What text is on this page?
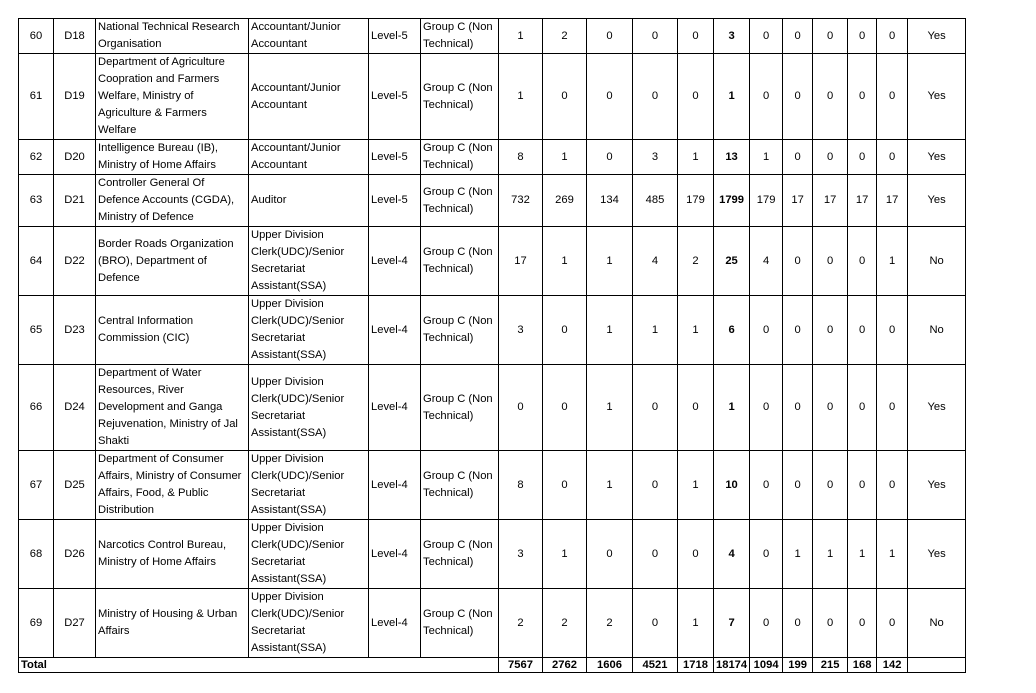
60	D18	National Technical Research Organisation	Accountant/Junior Accountant	Level-5	Group C (Non Technical)	1	2	0	0	0	3	0	0	0	0	0	Yes
61	D19	Department of Agriculture Coopration and Farmers Welfare, Ministry of Agriculture & Farmers Welfare	Accountant/Junior Accountant	Level-5	Group C (Non Technical)	1	0	0	0	0	1	0	0	0	0	0	Yes
62	D20	Intelligence Bureau (IB), Ministry of Home Affairs	Accountant/Junior Accountant	Level-5	Group C (Non Technical)	8	1	0	3	1	13	1	0	0	0	0	Yes
63	D21	Controller General Of Defence Accounts (CGDA), Ministry of Defence	Auditor	Level-5	Group C (Non Technical)	732	269	134	485	179	1799	179	17	17	17	17	Yes
64	D22	Border Roads Organization (BRO), Department of Defence	Upper Division Clerk(UDC)/Senior Secretariat Assistant(SSA)	Level-4	Group C (Non Technical)	17	1	1	4	2	25	4	0	0	0	1	No
65	D23	Central Information Commission (CIC)	Upper Division Clerk(UDC)/Senior Secretariat Assistant(SSA)	Level-4	Group C (Non Technical)	3	0	1	1	1	6	0	0	0	0	0	No
66	D24	Department of Water Resources, River Development and Ganga Rejuvenation, Ministry of Jal Shakti	Upper Division Clerk(UDC)/Senior Secretariat Assistant(SSA)	Level-4	Group C (Non Technical)	0	0	1	0	0	1	0	0	0	0	0	Yes
67	D25	Department of Consumer Affairs, Ministry of Consumer Affairs, Food, & Public Distribution	Upper Division Clerk(UDC)/Senior Secretariat Assistant(SSA)	Level-4	Group C (Non Technical)	8	0	1	0	1	10	0	0	0	0	0	Yes
68	D26	Narcotics Control Bureau, Ministry of Home Affairs	Upper Division Clerk(UDC)/Senior Secretariat Assistant(SSA)	Level-4	Group C (Non Technical)	3	1	0	0	0	4	0	1	1	1	1	Yes
69	D27	Ministry of Housing & Urban Affairs	Upper Division Clerk(UDC)/Senior Secretariat Assistant(SSA)	Level-4	Group C (Non Technical)	2	2	2	0	1	7	0	0	0	0	0	No
Total						7567	2762	1606	4521	1718	18174	1094	199	215	168	142	
